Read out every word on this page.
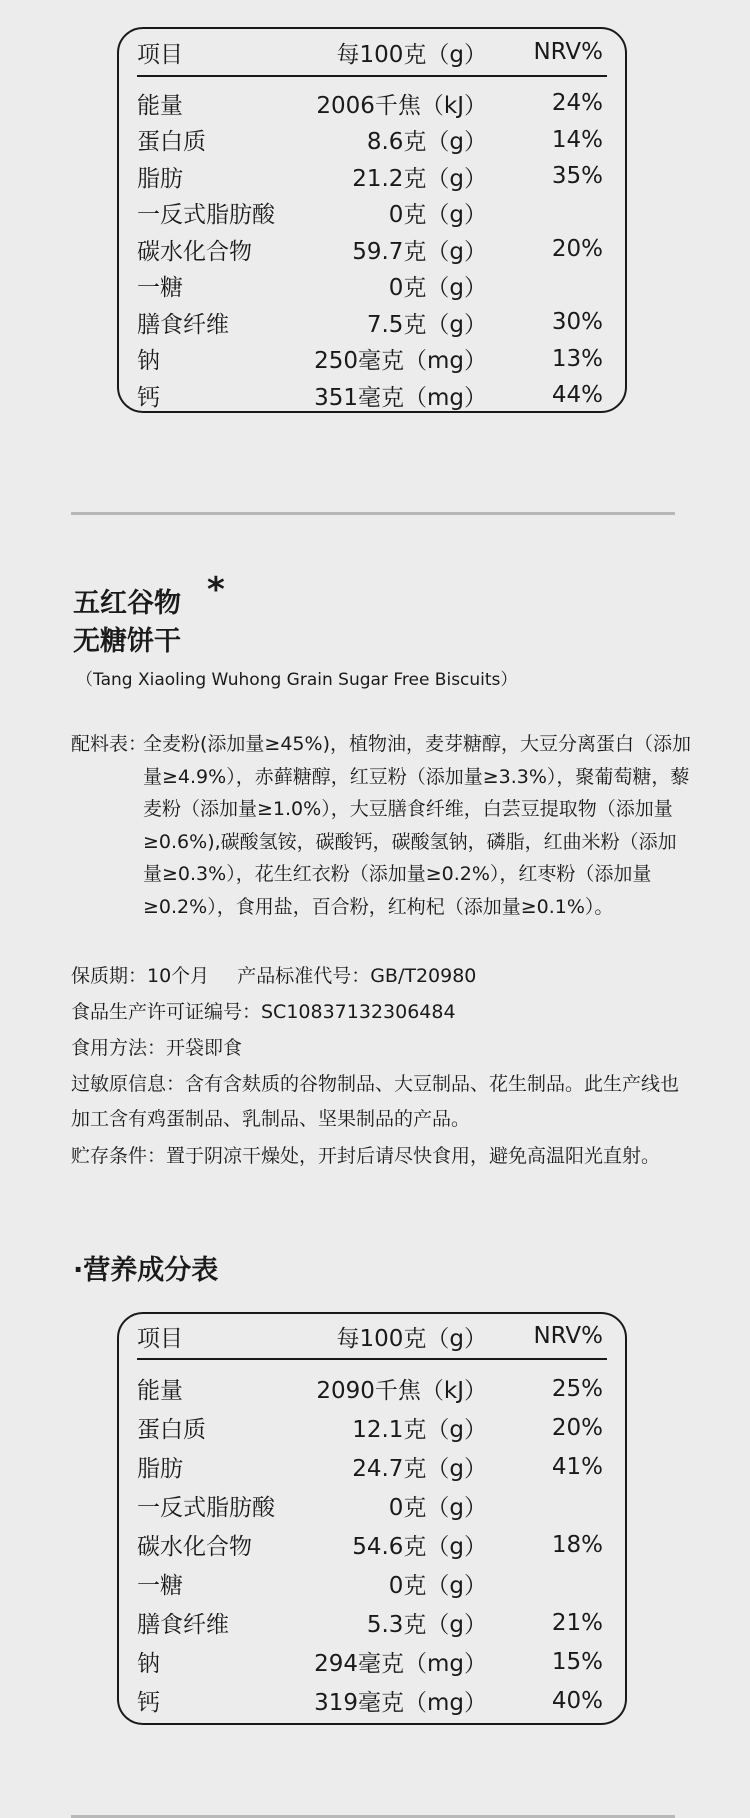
项目	每100克（g）	NRV%
能量	2006千焦（kJ）	24%
蛋白质	8.6克（g）	14%
脂肪	21.2克（g）	35%
一反式脂肪酸	0克（g）
碳水化合物	59.7克（g）	20%
一糖	0克（g）
膳食纤维	7.5克（g）	30%
钠	250毫克（mg）	13%
钙	351毫克（mg）	44%
五红谷物 *
无糖饼干
（Tang Xiaoling Wuhong Grain Sugar Free Biscuits）
配料表：
全麦粉(添加量≥45%)，植物油，麦芽糖醇，大豆分离蛋白（添加量≥4.9%），赤藓糖醇，红豆粉（添加量≥3.3%），聚葡萄糖，藜麦粉（添加量≥1.0%），大豆膳食纤维，白芸豆提取物（添加量≥0.6%),碳酸氢铵，碳酸钙，碳酸氢钠，磷脂，红曲米粉（添加量≥0.3%），花生红衣粉（添加量≥0.2%），红枣粉（添加量≥0.2%），食用盐，百合粉，红枸杞（添加量≥0.1%）。
保质期：10个月 产品标准代号：GB/T20980
食品生产许可证编号：SC10837132306484
食用方法：开袋即食
过敏原信息：含有含麸质的谷物制品、大豆制品、花生制品。此生产线也加工含有鸡蛋制品、乳制品、坚果制品的产品。
贮存条件：置于阴凉干燥处，开封后请尽快食用，避免高温阳光直射。
·营养成分表
项目	每100克（g）	NRV%
能量	2090千焦（kJ）	25%
蛋白质	12.1克（g）	20%
脂肪	24.7克（g）	41%
一反式脂肪酸	0克（g）
碳水化合物	54.6克（g）	18%
一糖	0克（g）
膳食纤维	5.3克（g）	21%
钠	294毫克（mg）	15%
钙	319毫克（mg）	40%
